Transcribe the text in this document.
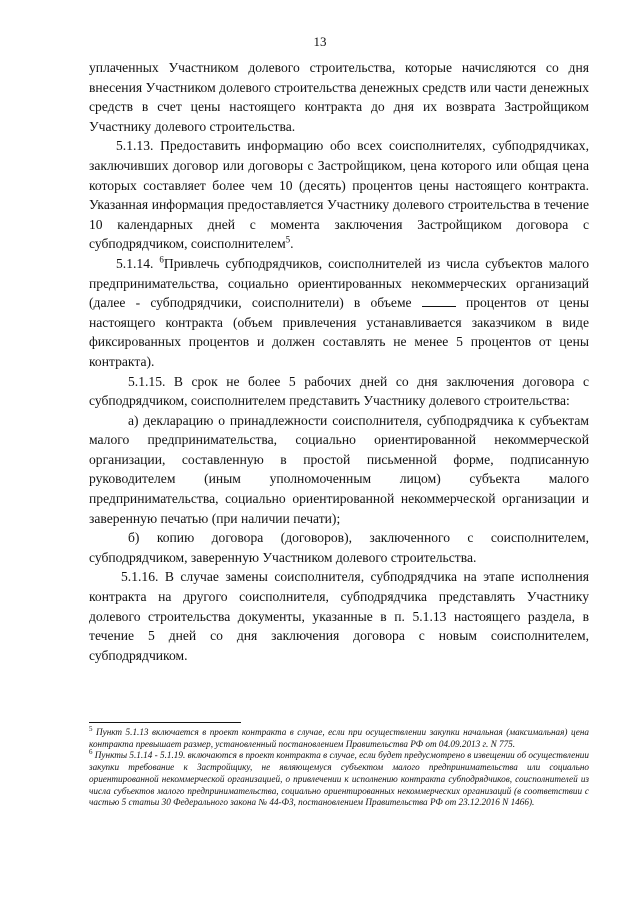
13

уплаченных Участником долевого строительства, которые начисляются со дня внесения Участником долевого строительства денежных средств или части денежных средств в счет цены настоящего контракта до дня их возврата Застройщиком Участнику долевого строительства.

5.1.13. Предоставить информацию обо всех соисполнителях, субподрядчиках, заключивших договор или договоры с Застройщиком, цена которого или общая цена которых составляет более чем 10 (десять) процентов цены настоящего контракта. Указанная информация предоставляется Участнику долевого строительства в течение 10 календарных дней с момента заключения Застройщиком договора с субподрядчиком, соисполнителем$^5$.

5.1.14. $^6$Привлечь субподрядчиков, соисполнителей из числа субъектов малого предпринимательства, социально ориентированных некоммерческих организаций (далее - субподрядчики, соисполнители) в объеме	процентов от цены настоящего контракта (объем привлечения устанавливается заказчиком в виде фиксированных процентов и должен составлять не менее 5 процентов от цены контракта).

5.1.15. В срок не более 5 рабочих дней со дня заключения договора с субподрядчиком, соисполнителем представить Участнику долевого строительства:

а) декларацию о принадлежности соисполнителя, субподрядчика к субъектам малого предпринимательства, социально ориентированной некоммерческой организации, составленную в простой письменной форме, подписанную руководителем (иным уполномоченным лицом) субъекта малого предпринимательства, социально ориентированной некоммерческой организации и заверенную печатью (при наличии печати);

б) копию договора (договоров), заключенного с соисполнителем, субподрядчиком, заверенную Участником долевого строительства.

5.1.16. В случае замены соисполнителя, субподрядчика на этапе исполнения контракта на другого соисполнителя, субподрядчика представлять Участнику долевого строительства документы, указанные в п. 5.1.13 настоящего раздела, в течение 5 дней со дня заключения договора с новым соисполнителем, субподрядчиком.

$^5$ Пункт 5.1.13 включается в проект контракта в случае, если при осуществлении закупки начальная (максимальная) цена контракта превышает размер, установленный постановлением Правительства РФ от 04.09.2013 г. N 775.

$^6$ Пункты 5.1.14 - 5.1.19. включаются в проект контракта в случае, если будет предусмотрено в извещении об осуществлении закупки требование к Застройщику, не являющемуся субъектом малого предпринимательства или социально ориентированной некоммерческой организацией, о привлечении к исполнению контракта субподрядчиков, соисполнителей из числа субъектов малого предпринимательства, социально ориентированных некоммерческих организаций (в соответствии с частью 5 статьи 30 Федерального закона № 44-ФЗ, постановлением Правительства РФ от 23.12.2016 N 1466).
